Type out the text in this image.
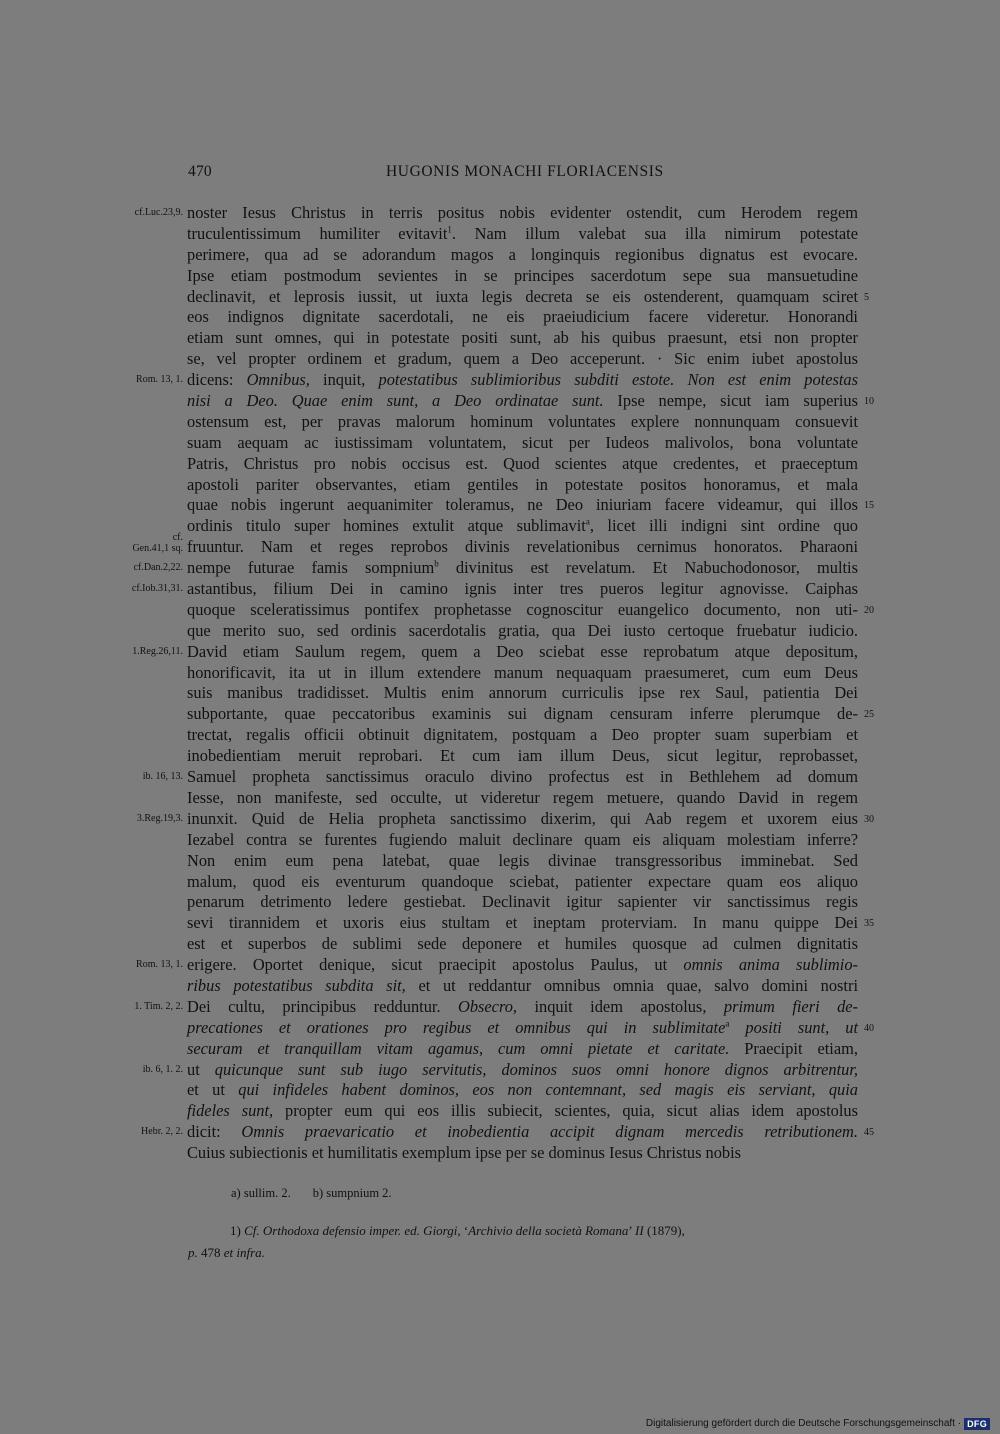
470	HUGONIS MONACHI FLORIACENSIS
cf.Luc.23,9. noster Iesus Christus in terris positus nobis evidenter ostendit, cum Herodem regem
truculentissimum humiliter evitavit$^1$. Nam illum valebat sua illa nimirum potestate
perimere, qua ad se adorandum magos a longinquis regionibus dignatus est evocare.
Ipse etiam postmodum sevientes in se principes sacerdotum sepe sua mansuetudine
declinavit, et leprosis iussit, ut iuxta legis decreta se eis ostenderent, quamquam sciret 5
eos indignos dignitate sacerdotali, ne eis praeiudicium facere videretur. Honorandi
etiam sunt omnes, qui in potestate positi sunt, ab his quibus praesunt, etsi non propter
se, vel propter ordinem et gradum, quem a Deo acceperunt. · Sic enim iubet apostolus
Rom. 13, 1. dicens: Omnibus, inquit, potestatibus sublimioribus subditi estote. Non est enim potestas
nisi a Deo. Quae enim sunt, a Deo ordinatae sunt. Ipse nempe, sicut iam superius 10
ostensum est, per pravas malorum hominum voluntates explere nonnunquam consuevit
suam aequam ac iustissimam voluntatem, sicut per Iudeos malivolos, bona voluntate
Patris, Christus pro nobis occisus est. Quod scientes atque credentes, et praeceptum
apostoli pariter observantes, etiam gentiles in potestate positos honoramus, et mala
quae nobis ingerunt aequanimiter toleramus, ne Deo iniuriam facere videamur, qui illos 15
ordinis titulo super homines extulit atque sublimavit$^a$, licet illi indigni sint ordine quo
cf.
Gen.41,1 sq. fruuntur. Nam et reges reprobos divinis revelationibus cernimus honoratos. Pharaoni
cf.Dan.2,22. nempe futurae famis sompnium$^b$ divinitus est revelatum. Et Nabuchodonosor, multis
cf.Iob.31,31. astantibus, filium Dei in camino ignis inter tres pueros legitur agnovisse. Caiphas
quoque sceleratissimus pontifex prophetasse cognoscitur euangelico documento, non uti- 20
que merito suo, sed ordinis sacerdotalis gratia, qua Dei iusto certoque fruebatur iudicio.
1.Reg.26,11. David etiam Saulum regem, quem a Deo sciebat esse reprobatum atque depositum,
honorificavit, ita ut in illum extendere manum nequaquam praesumeret, cum eum Deus
suis manibus tradidisset. Multis enim annorum curriculis ipse rex Saul, patientia Dei
subportante, quae peccatoribus examinis sui dignam censuram inferre plerumque de- 25
trectat, regalis officii obtinuit dignitatem, postquam a Deo propter suam superbiam et
inobedientiam meruit reprobari. Et cum iam illum Deus, sicut legitur, reprobasset,
ib. 16, 13. Samuel propheta sanctissimus oraculo divino profectus est in Bethlehem ad domum
Iesse, non manifeste, sed occulte, ut videretur regem metuere, quando David in regem
3.Reg.19,3. inunxit. Quid de Helia propheta sanctissimo dixerim, qui Aab regem et uxorem eius 30
Iezabel contra se furentes fugiendo maluit declinare quam eis aliquam molestiam inferre?
Non enim eum pena latebat, quae legis divinae transgressoribus imminebat. Sed
malum, quod eis eventurum quandoque sciebat, patienter expectare quam eos aliquo
penarum detrimento ledere gestiebat. Declinavit igitur sapienter vir sanctissimus regis
sevi tirannidem et uxoris eius stultam et ineptam proterviam. In manu quippe Dei 35
est et superbos de sublimi sede deponere et humiles quosque ad culmen dignitatis
Rom. 13, 1. erigere. Oportet denique, sicut praecipit apostolus Paulus, ut omnis anima sublimio-
ribus potestatibus subdita sit, et ut reddantur omnibus omnia quae, salvo domini nostri
1. Tim. 2, 2. Dei cultu, principibus redduntur. Obsecro, inquit idem apostolus, primum fieri de-
precationes et orationes pro regibus et omnibus qui in sublimitate$^a$ positi sunt, ut 40
securam et tranquillam vitam agamus, cum omni pietate et caritate. Praecipit etiam,
ib. 6, 1. 2. ut quicunque sunt sub iugo servitutis, dominos suos omni honore dignos arbitrentur,
et ut qui infideles habent dominos, eos non contemnant, sed magis eis serviant, quia
fideles sunt, propter eum qui eos illis subiecit, scientes, quia, sicut alias idem apostolus
Hebr. 2, 2. dicit: Omnis praevaricatio et inobedientia accipit dignam mercedis retributionem. 45
Cuius subiectionis et humilitatis exemplum ipse per se dominus Iesus Christus nobis
a) sullim. 2. b) sumpnium 2.
1) Cf. Orthodoxa defensio imper. ed. Giorgi, ‘Archivio della società Romana’ II (1879),
p. 478 et infra.
Digitalisierung gefördert durch die Deutsche Forschungsgemeinschaft · DFG
